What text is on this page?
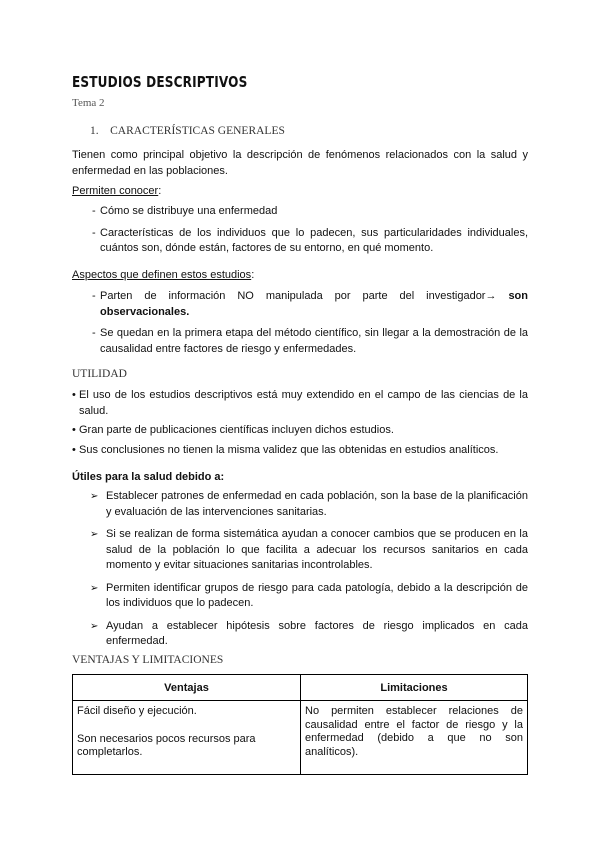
ESTUDIOS DESCRIPTIVOS
Tema 2
1.    CARACTERÍSTICAS GENERALES
Tienen como principal objetivo la descripción de fenómenos relacionados con la salud y enfermedad en las poblaciones.
Permiten conocer:
- Cómo se distribuye una enfermedad
- Características de los individuos que lo padecen, sus particularidades individuales, cuántos son, dónde están, factores de su entorno, en qué momento.
Aspectos que definen estos estudios:
- Parten de información NO manipulada por parte del investigador→ son observacionales.
- Se quedan en la primera etapa del método científico, sin llegar a la demostración de la causalidad entre factores de riesgo y enfermedades.
UTILIDAD
• El uso de los estudios descriptivos está muy extendido en el campo de las ciencias de la salud.
• Gran parte de publicaciones científicas incluyen dichos estudios.
• Sus conclusiones no tienen la misma validez que las obtenidas en estudios analíticos.
Útiles para la salud debido a:
➢ Establecer patrones de enfermedad en cada población, son la base de la planificación y evaluación de las intervenciones sanitarias.
➢ Si se realizan de forma sistemática ayudan a conocer cambios que se producen en la salud de la población lo que facilita a adecuar los recursos sanitarios en cada momento y evitar situaciones sanitarias incontrolables.
➢ Permiten identificar grupos de riesgo para cada patología, debido a la descripción de los individuos que lo padecen.
➢ Ayudan a establecer hipótesis sobre factores de riesgo implicados en cada enfermedad.
VENTAJAS Y LIMITACIONES
Ventajas	Limitaciones

Fácil diseño y ejecución.

Son necesarios pocos recursos para completarlos.	No permiten establecer relaciones de causalidad entre el factor de riesgo y la enfermedad (debido a que no son analíticos).
